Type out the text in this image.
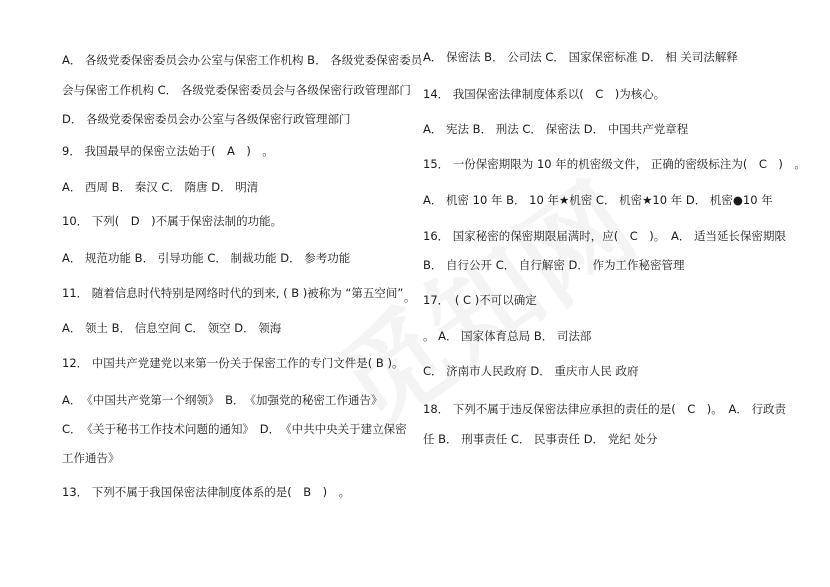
A． 各级党委保密委员会办公室与保密工作机构 B． 各级党委保密委员
会与保密工作机构 C． 各级党委保密委员会与各级保密行政管理部门
D． 各级党委保密委员会办公室与各级保密行政管理部门
9． 我国最早的保密立法始于(　A　)　。
A． 西周 B． 秦汉 C． 隋唐 D． 明清
10． 下列(　D　)不属于保密法制的功能。
A． 规范功能 B． 引导功能 C． 制裁功能 D． 参考功能
11． 随着信息时代特别是网络时代的到来, ( B )被称为 “第五空间”
A． 领土 B． 信息空间 C． 领空 D． 领海
12． 中国共产党建党以来第一份关于保密工作的专门文件是( B )。
A．　《中国共产党第一个纲领》　B．　《加强党的秘密工作通告》
C．　《关于秘书工作技术问题的通知》　D．　《中共中央关于建立保密
工作通告》
13． 下列不属于我国保密法律制度体系的是(　B　)　。
。
A． 保密法 B． 公司法 C． 国家保密标准 D． 相 关司法解释
14． 我国保密法律制度体系以(　C　)为核心。
A． 宪法 B． 刑法 C． 保密法 D． 中国共产党章程
15． 一份保密期限为 10 年的机密级文件， 正确的密级标注为(　C　)　。
A． 机密 10 年 B． 10 年★机密 C． 机密★10 年 D． 机密●10 年
16． 国家秘密的保密期限届满时，应(　C　)。　A． 适当延长保密期限
B． 自行公开 C． 自行解密 D． 作为工作秘密管理
17．　( C )不可以确定
。 A． 国家体育总局 B． 司法部
C． 济南市人民政府 D． 重庆市人民 政府
18． 下列不属于违反保密法律应承担的责任的是(　C　)。　A． 行政责
任 B． 刑事责任 C． 民事责任 D． 党纪 处分
